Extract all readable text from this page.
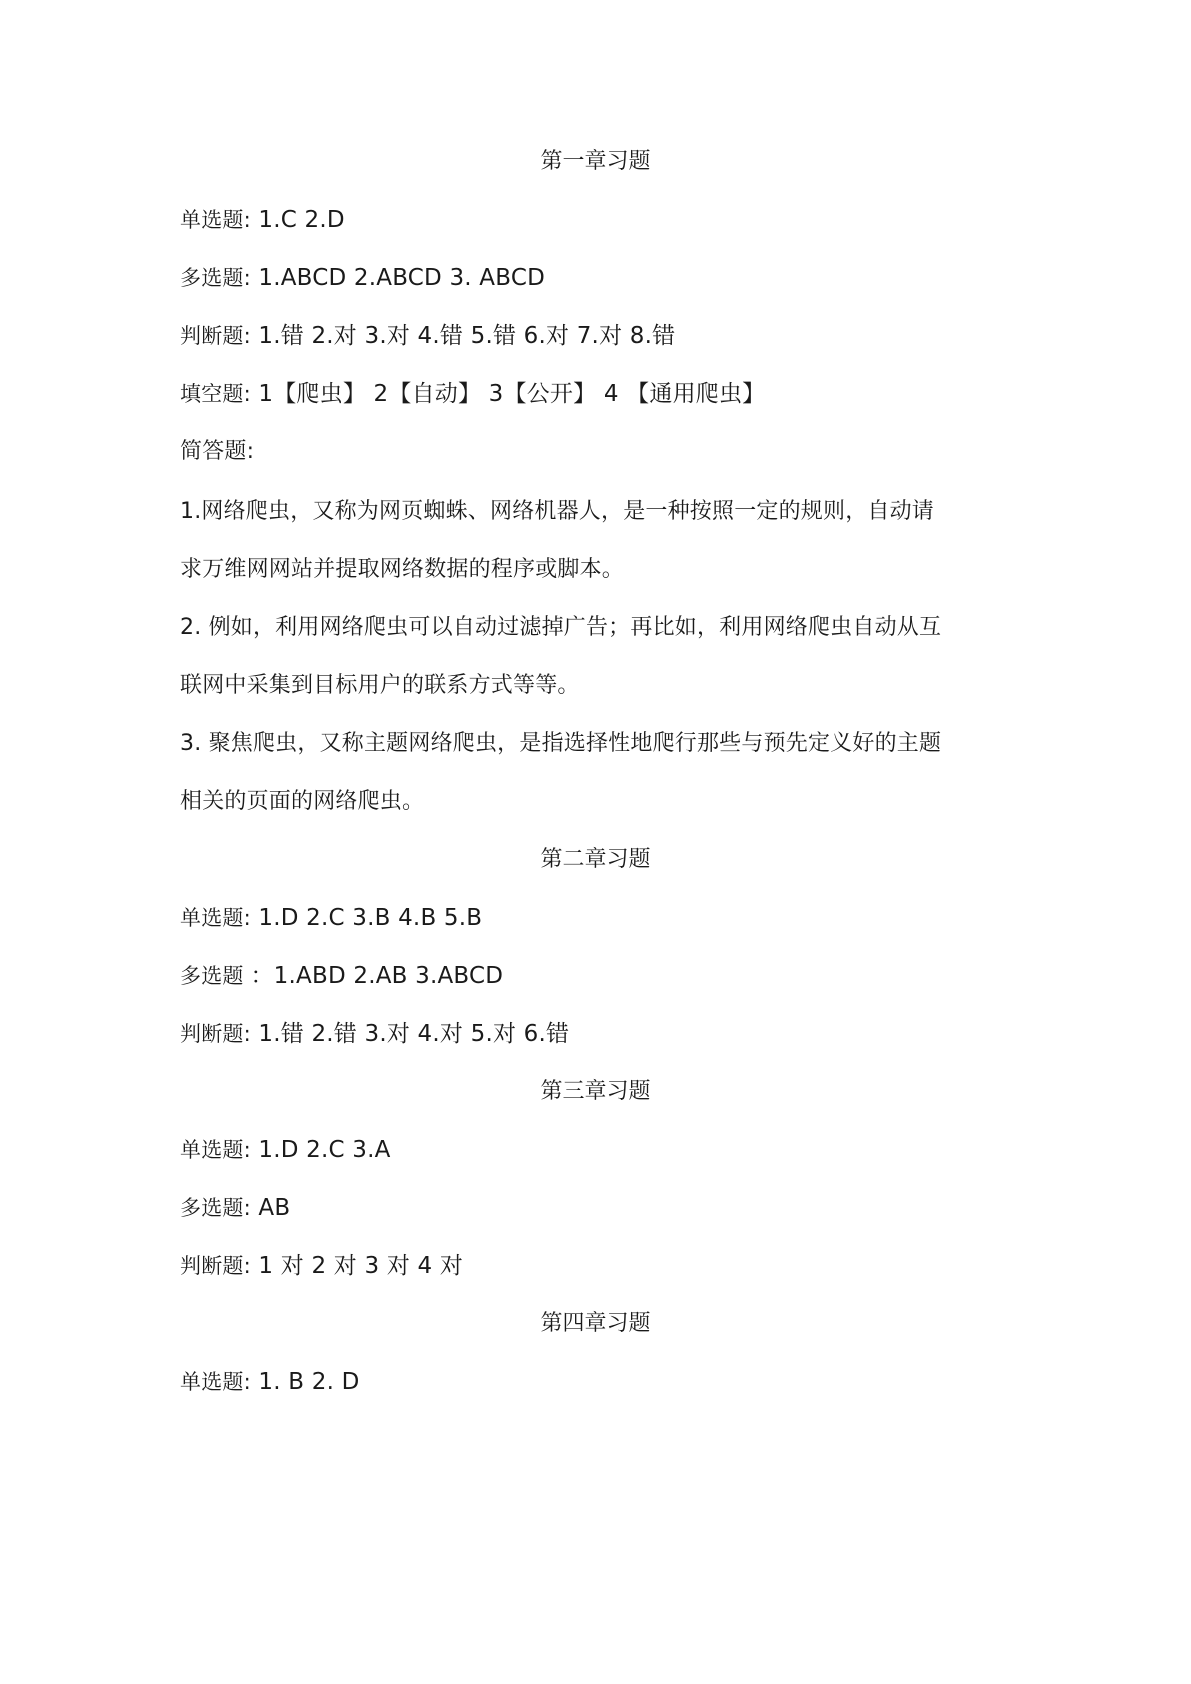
第一章习题
单选题: 1.C 2.D
多选题: 1.ABCD 2.ABCD 3. ABCD
判断题: 1.错 2.对 3.对 4.错 5.错 6.对 7.对 8.错
填空题: 1【爬虫】 2【自动】 3【公开】 4 【通用爬虫】
简答题:
1.网络爬虫，又称为网页蜘蛛、网络机器人，是一种按照一定的规则，自动请
求万维网网站并提取网络数据的程序或脚本。
2. 例如，利用网络爬虫可以自动过滤掉广告；再比如，利用网络爬虫自动从互
联网中采集到目标用户的联系方式等等。
3. 聚焦爬虫，又称主题网络爬虫，是指选择性地爬行那些与预先定义好的主题
相关的页面的网络爬虫。
第二章习题
单选题: 1.D 2.C 3.B 4.B 5.B
多选题 ：1.ABD 2.AB 3.ABCD
判断题: 1.错 2.错 3.对 4.对 5.对 6.错
第三章习题
单选题: 1.D 2.C 3.A
多选题: AB
判断题: 1 对 2 对 3 对 4 对
第四章习题
单选题: 1. B 2. D
